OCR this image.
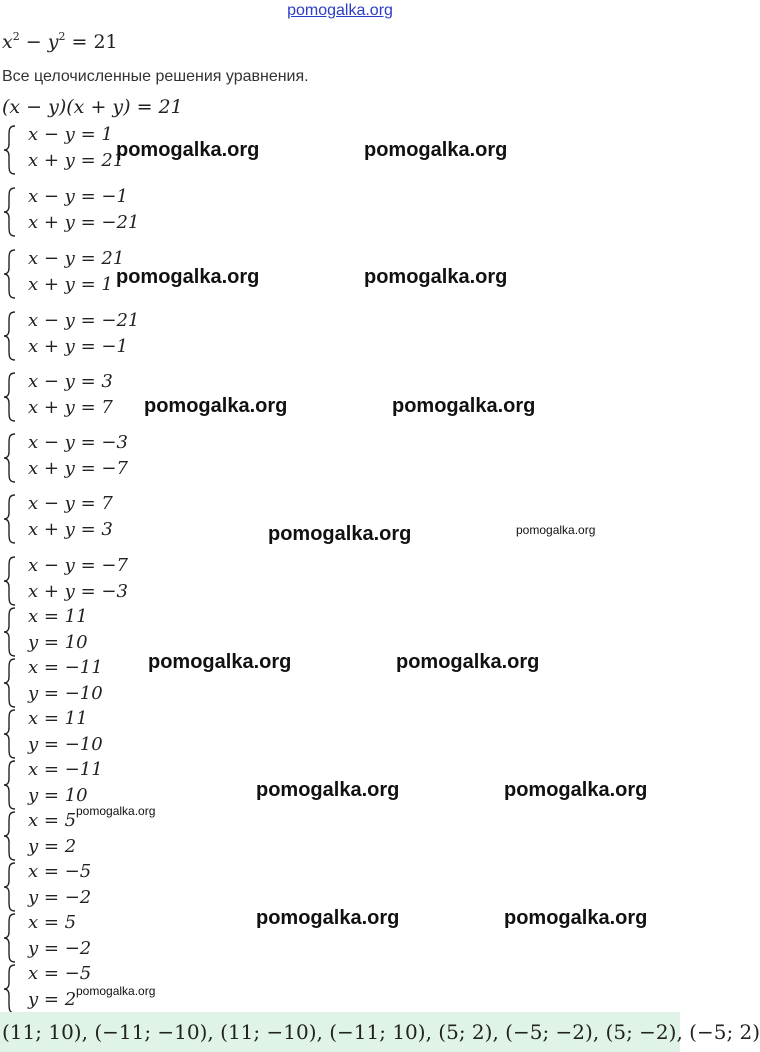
pomogalka.org
$x^2 - y^2 = 21$
Все целочисленные решения уравнения.
(x − y)(x + y) = 21
x − y = 1
x + y = 21
x − y = −1
x + y = −21
x − y = 21
x + y = 1
x − y = −21
x + y = −1
x − y = 3
x + y = 7
x − y = −3
x + y = −7
x − y = 7
x + y = 3
x − y = −7
x + y = −3
x = 11
y = 10
x = −11
y = −10
x = 11
y = −10
x = −11
y = 10
x = 5
y = 2
x = −5
y = −2
x = 5
y = −2
x = −5
y = 2
pomogalka.org	pomogalka.org
pomogalka.org	pomogalka.org
pomogalka.org	pomogalka.org
pomogalka.org	pomogalka.org
pomogalka.org	pomogalka.org
pomogalka.org	pomogalka.org
pomogalka.org
pomogalka.org	pomogalka.org
pomogalka.org
(11; 10), (−11; −10), (11; −10), (−11; 10), (5; 2), (−5; −2), (5; −2), (−5; 2)
